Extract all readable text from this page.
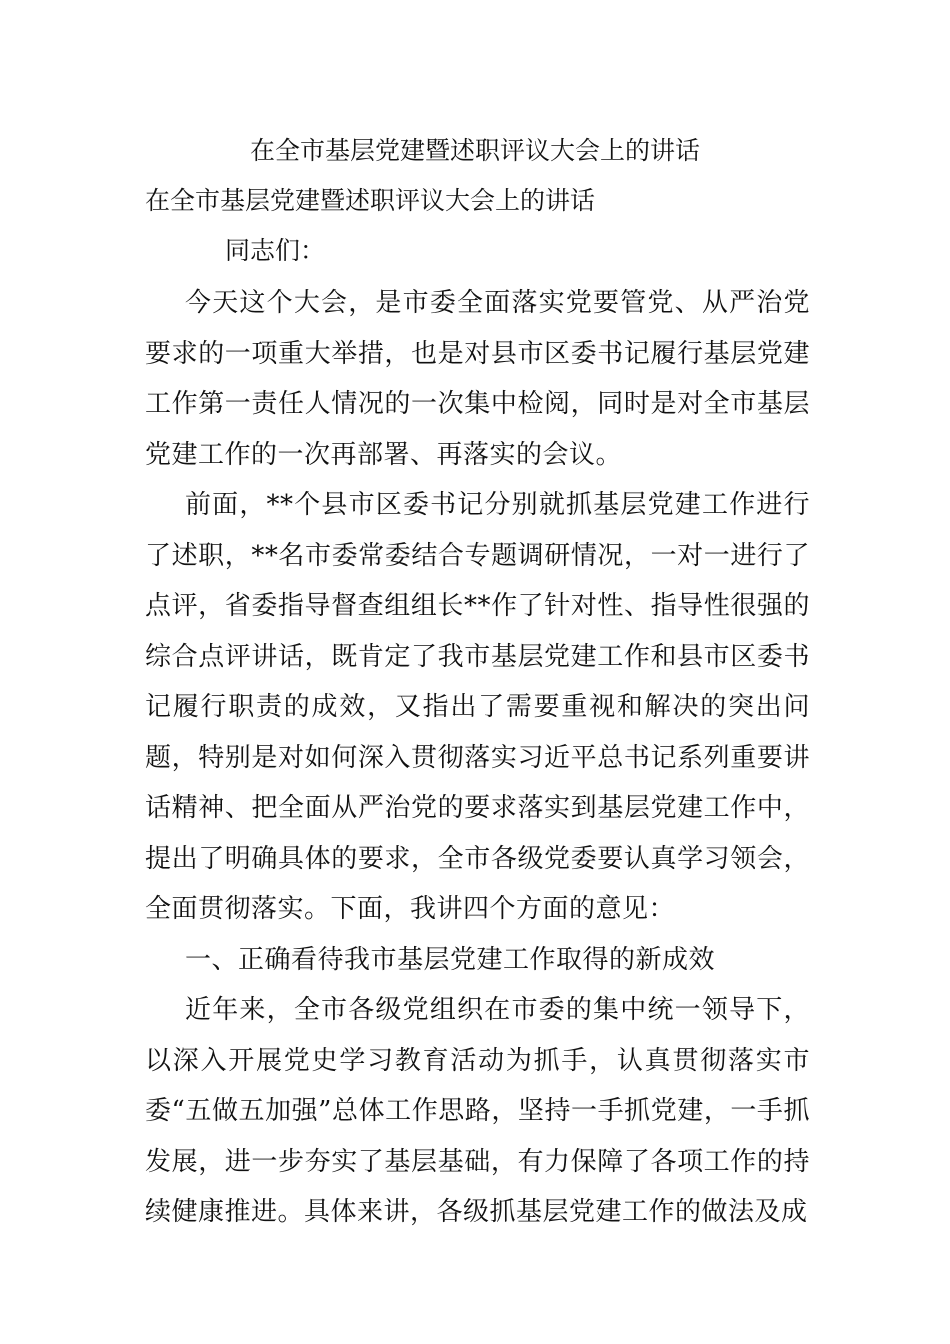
在全市基层党建暨述职评议大会上的讲话

在全市基层党建暨述职评议大会上的讲话

同志们：

今天这个大会，是市委全面落实党要管党、从严治党要求的一项重大举措，也是对县市区委书记履行基层党建工作第一责任人情况的一次集中检阅，同时是对全市基层党建工作的一次再部署、再落实的会议。

前面，**个县市区委书记分别就抓基层党建工作进行了述职，**名市委常委结合专题调研情况，一对一进行了点评，省委指导督查组组长**作了针对性、指导性很强的综合点评讲话，既肯定了我市基层党建工作和县市区委书记履行职责的成效，又指出了需要重视和解决的突出问题，特别是对如何深入贯彻落实习近平总书记系列重要讲话精神、把全面从严治党的要求落实到基层党建工作中，提出了明确具体的要求，全市各级党委要认真学习领会，全面贯彻落实。下面，我讲四个方面的意见：

一、正确看待我市基层党建工作取得的新成效

近年来，全市各级党组织在市委的集中统一领导下，以深入开展党史学习教育活动为抓手，认真贯彻落实市委“五做五加强”总体工作思路，坚持一手抓党建，一手抓发展，进一步夯实了基层基础，有力保障了各项工作的持续健康推进。具体来讲，各级抓基层党建工作的做法及成
